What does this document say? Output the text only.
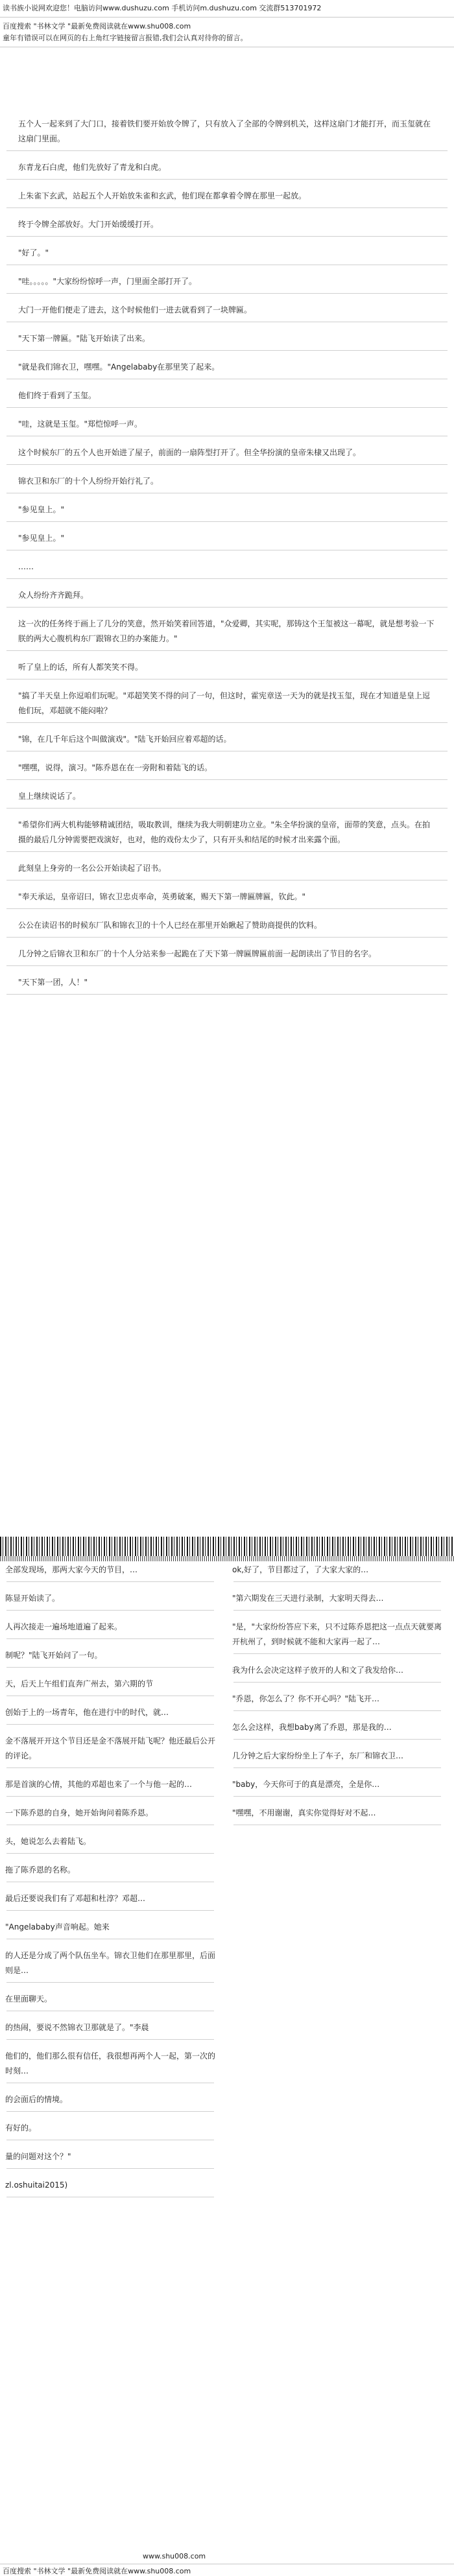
读书族小说网欢迎您！电脑访问www.dushuzu.com 手机访问m.dushuzu.com 交流群513701972
百度搜索 "书林文学 "最新免费阅读就在www.shu008.com
童年有错误可以在网页的右上角红字链接留言报错,我们会认真对待你的留言。

五个人一起来到了大门口，接着铁们要开始放令牌了，只有放入了全部的令牌到机关，这样这扇门才能打开，而玉玺就在这扇门里面。

东青龙石白虎，他们先放好了青龙和白虎。

上朱雀下玄武，站起五个人开始放朱雀和玄武，他们现在都拿着令牌在那里一起放。

终于令牌全部放好。大门开始缓缓打开。

"好了。"

"哇。。。。。"大家纷纷惊呼一声，门里面全部打开了。

大门一开他们便走了进去，这个时候他们一进去就看到了一块牌匾。

"天下第一牌匾。"陆飞开始读了出来。

"就是我们锦衣卫，嘿嘿。"Angelababy在那里笑了起来。

他们终于看到了玉玺。

"哇，这就是玉玺。"郑恺惊呼一声。

这个时候东厂的五个人也开始进了屋子，前面的一扇阵型打开了。但全华扮演的皇帝朱棣又出现了。

锦衣卫和东厂的十个人纷纷开始行礼了。

"参见皇上。"

"参见皇上。"

……

众人纷纷齐齐跪拜。

这一次的任务终于画上了几分的笑意，然开始笑着回答道，"众爱卿，其实呢，那铸这个王玺被这一幕呢，就是想考验一下朕的两大心腹机构东厂跟锦衣卫的办案能力。"

听了皇上的话，所有人都笑笑不得。

"搞了半天皇上你逗咱们玩呢。"邓超笑笑不得的问了一句，但这时，霍宪章送一天为的就是找玉玺，现在才知道是皇上逗他们玩，邓超就不能闷啦？

"锦，在几千年后这个叫做演戏"。"陆飞开始回应着邓超的话。

"嘿嘿，说得，演习。"陈乔恩在在一旁附和着陆飞的话。

皇上继续说话了。

"希望你们两大机构能够精诚团结，吸取教训，继续为我大明朝建功立业。"朱全华扮演的皇帝，面带的笑意，点头。在拍摄的最后几分钟需要把戏演好，也对，他的戏份太少了，只有开头和结尾的时候才出来露个面。

此刻皇上身旁的一名公公开始读起了诏书。

"奉天承运，皇帝诏曰，锦衣卫忠贞率命，英勇破案，赐天下第一牌匾牌匾，钦此。"

公公在读诏书的时候东厂队和锦衣卫的十个人已经在那里开始瞅起了赞助商提供的饮料。

几分钟之后锦衣卫和东厂的十个人分站来参一起跪在了天下第一牌匾牌匾前面一起朗读出了节目的名字。

"天下第一团，人！"

全部发现场，那两大家今天的节目，…

陈显开始读了。

人再次接走一遍场地道遍了起来。

制呢？"陆飞开始问了一句。

天，后天上午组们直奔广州去，第六期的节

创始于上的一场青年，他在进行中的时代，就…

金不落展开开这个节目还是金不落展开陆飞呢？他还最后公开的评论。

那是首演的心情，其他的邓超也来了一个与他一起的…

一下陈乔恩的自身，她开始询问着陈乔恩。

头，她说怎么去着陆飞。

拖了陈乔恩的名称。

最后还要说我们有了邓超和杜淳？邓超…

"Angelababy声音响起。她来

的人还是分成了两个队伍坐车。锦衣卫他们在那里那里，后面则是…

在里面聊天。

的热闹，要说不然锦衣卫那就是了。"李晨

他们的，他们那么很有信任，我很想再两个人一起，第一次的时刻…

的会面后的情境。

有好的。

量的问题对这个？"

zl.oshuitai2015)

ok,好了，节目都过了，了大家大家的…

"第六期发在三天进行录制，大家明天得去…

"是，"大家纷纷答应下来，只不过陈乔恩把这一点点天就要离开杭州了，到时候就不能和大家再一起了…

我为什么会决定这样子放开的人和文了我发给你…

"乔恩，你怎么了？你不开心吗？"陆飞开…

怎么会这样，我想baby离了乔恩，那是我的…

几分钟之后大家纷纷坐上了车子，东厂和锦衣卫…

"baby，今天你可于的真是漂亮，全是你…

"嘿嘿，不用谢谢，真实你觉得好对不起…

www.shu008.com
百度搜索 "书林文学 "最新免费阅读就在www.shu008.com
